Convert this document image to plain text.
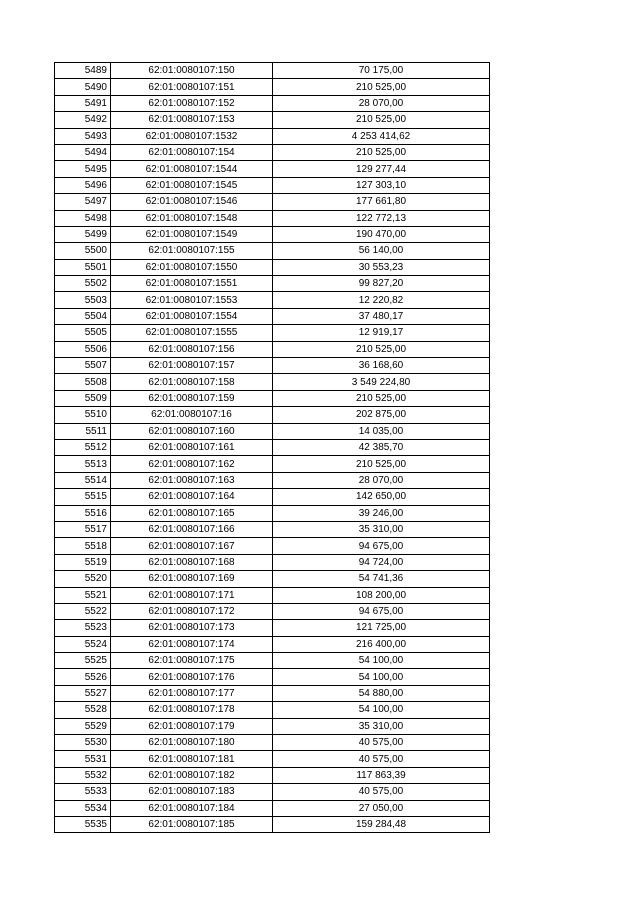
5489	62:01:0080107:150	70 175,00
5490	62:01:0080107:151	210 525,00
5491	62:01:0080107:152	28 070,00
5492	62:01:0080107:153	210 525,00
5493	62:01:0080107:1532	4 253 414,62
5494	62:01:0080107:154	210 525,00
5495	62:01:0080107:1544	129 277,44
5496	62:01:0080107:1545	127 303,10
5497	62:01:0080107:1546	177 661,80
5498	62:01:0080107:1548	122 772,13
5499	62:01:0080107:1549	190 470,00
5500	62:01:0080107:155	56 140,00
5501	62:01:0080107:1550	30 553,23
5502	62:01:0080107:1551	99 827,20
5503	62:01:0080107:1553	12 220,82
5504	62:01:0080107:1554	37 480,17
5505	62:01:0080107:1555	12 919,17
5506	62:01:0080107:156	210 525,00
5507	62:01:0080107:157	36 168,60
5508	62:01:0080107:158	3 549 224,80
5509	62:01:0080107:159	210 525,00
5510	62:01:0080107:16	202 875,00
5511	62:01:0080107:160	14 035,00
5512	62:01:0080107:161	42 385,70
5513	62:01:0080107:162	210 525,00
5514	62:01:0080107:163	28 070,00
5515	62:01:0080107:164	142 650,00
5516	62:01:0080107:165	39 246,00
5517	62:01:0080107:166	35 310,00
5518	62:01:0080107:167	94 675,00
5519	62:01:0080107:168	94 724,00
5520	62:01:0080107:169	54 741,36
5521	62:01:0080107:171	108 200,00
5522	62:01:0080107:172	94 675,00
5523	62:01:0080107:173	121 725,00
5524	62:01:0080107:174	216 400,00
5525	62:01:0080107:175	54 100,00
5526	62:01:0080107:176	54 100,00
5527	62:01:0080107:177	54 880,00
5528	62:01:0080107:178	54 100,00
5529	62:01:0080107:179	35 310,00
5530	62:01:0080107:180	40 575,00
5531	62:01:0080107:181	40 575,00
5532	62:01:0080107:182	117 863,39
5533	62:01:0080107:183	40 575,00
5534	62:01:0080107:184	27 050,00
5535	62:01:0080107:185	159 284,48
